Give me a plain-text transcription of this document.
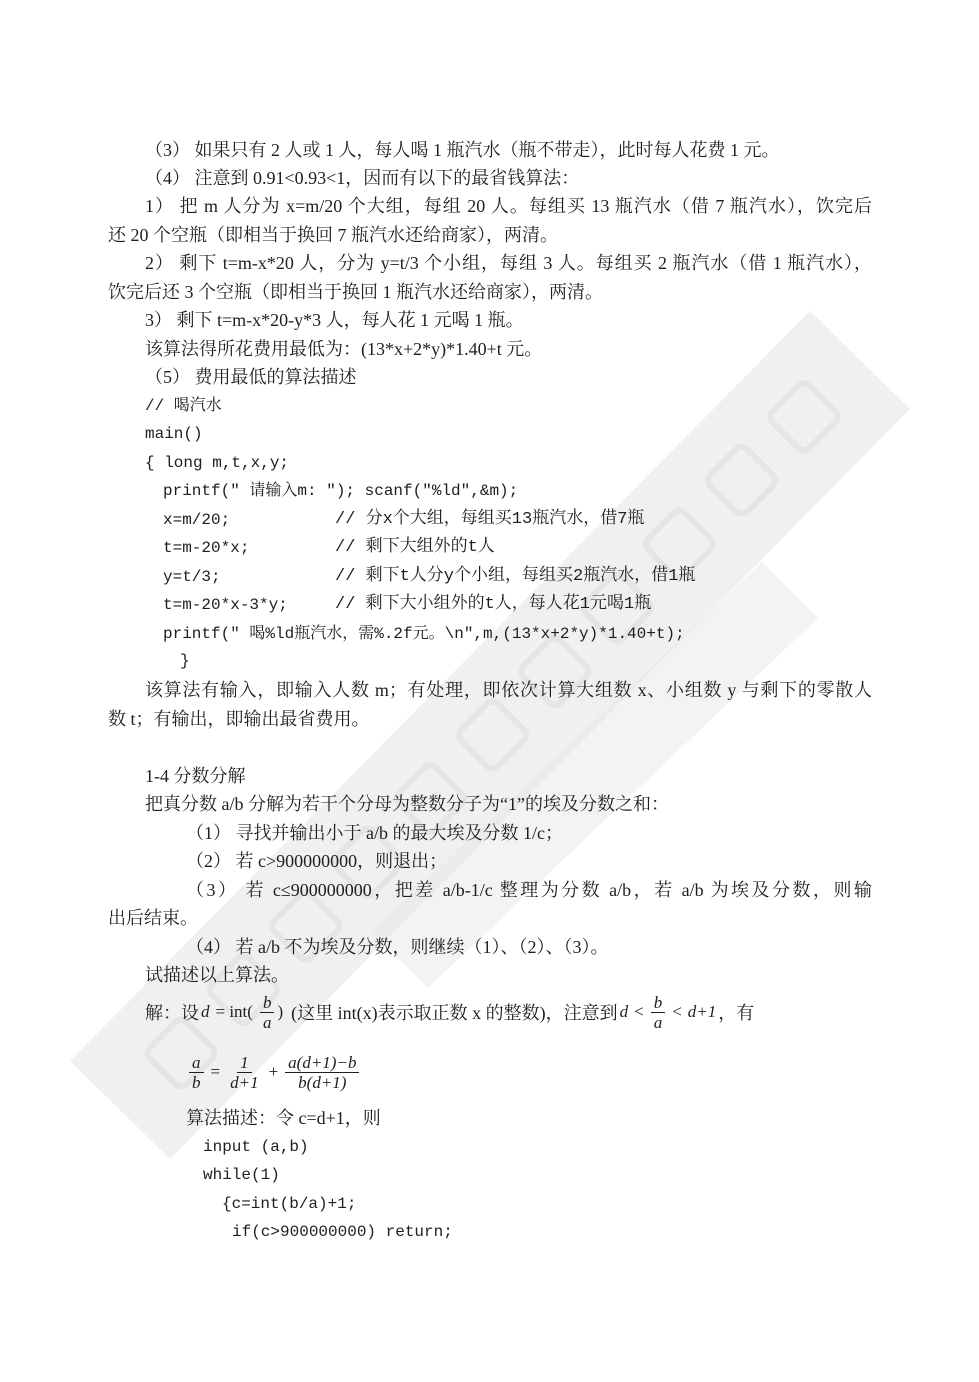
（3） 如果只有 2 人或 1 人，每人喝 1 瓶汽水（瓶不带走），此时每人花费 1 元。
（4） 注意到 0.91<0.93<1，因而有以下的最省钱算法：
1） 把 m 人分为 x=m/20 个大组，每组 20 人。每组买 13 瓶汽水（借 7 瓶汽水），饮完后
还 20 个空瓶（即相当于换回 7 瓶汽水还给商家），两清。
2） 剩下 t=m-x*20 人，分为 y=t/3 个小组，每组 3 人。每组买 2 瓶汽水（借 1 瓶汽水），
饮完后还 3 个空瓶（即相当于换回 1 瓶汽水还给商家），两清。
3） 剩下 t=m-x*20-y*3 人，每人花 1 元喝 1 瓶。
该算法得所花费用最低为：(13*x+2*y)*1.40+t 元。
（5） 费用最低的算法描述
// 喝汽水
main()
{ long m,t,x,y;
printf(" 请输入m: "); scanf("%ld",&m);
x=m/20;	// 分x个大组，每组买13瓶汽水，借7瓶
t=m-20*x;	// 剩下大组外的t人
y=t/3;	// 剩下t人分y个小组，每组买2瓶汽水，借1瓶
t=m-20*x-3*y;	// 剩下大小组外的t人，每人花1元喝1瓶
printf(" 喝%ld瓶汽水，需%.2f元。\n",m,(13*x+2*y)*1.40+t);
}
该算法有输入，即输入人数 m；有处理，即依次计算大组数 x、小组数 y 与剩下的零散人
数 t；有输出，即输出最省费用。
1-4 分数分解
把真分数 a/b 分解为若干个分母为整数分子为“1”的埃及分数之和：
（1） 寻找并输出小于 a/b 的最大埃及分数 1/c；
（2） 若 c>900000000，则退出；
（3） 若 c≤900000000，把差 a/b-1/c 整理为分数 a/b，若 a/b 为埃及分数，则输
出后结束。
（4） 若 a/b 不为埃及分数，则继续（1）、（2）、（3）。
试描述以上算法。
解：设 $d = int( \frac{b}{a}$ ) (这里 int(x)表示取正数 x 的整数)，注意到 $d < \frac{b}{a} < d+1$ ，有
$\frac{a}{b} = \frac{1}{d+1} + \frac{a(d+1)-b}{b(d+1)}$
算法描述：令 c=d+1，则
input (a,b)
while(1)
{c=int(b/a)+1;
if(c>900000000) return;
